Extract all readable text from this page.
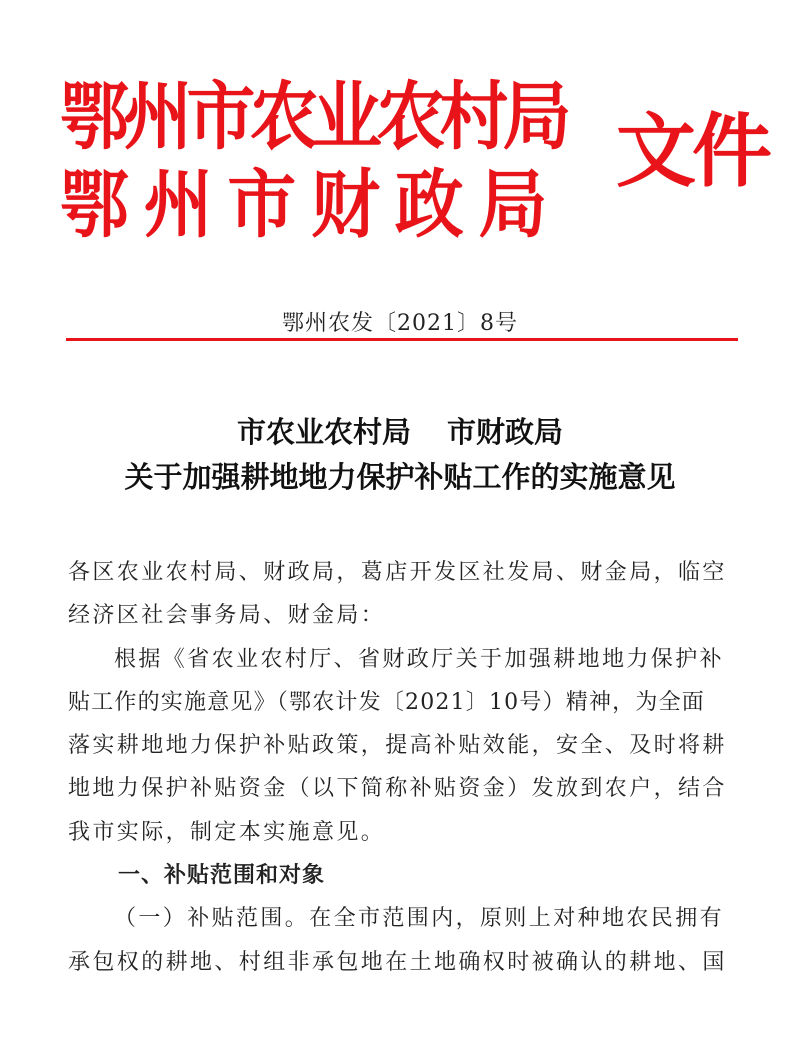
鄂州市农业农村局
鄂州市财政局
文件
鄂州农发〔2021〕8号
市农业农村局 市财政局
关于加强耕地地力保护补贴工作的实施意见
各区农业农村局、财政局，葛店开发区社发局、财金局，临空
经济区社会事务局、财金局：
根据《省农业农村厅、省财政厅关于加强耕地地力保护补
贴工作的实施意见》（鄂农计发〔2021〕10号）精神，为全面
落实耕地地力保护补贴政策，提高补贴效能，安全、及时将耕
地地力保护补贴资金（以下简称补贴资金）发放到农户，结合
我市实际，制定本实施意见。
一、补贴范围和对象
（一）补贴范围。在全市范围内，原则上对种地农民拥有
承包权的耕地、村组非承包地在土地确权时被确认的耕地、国
